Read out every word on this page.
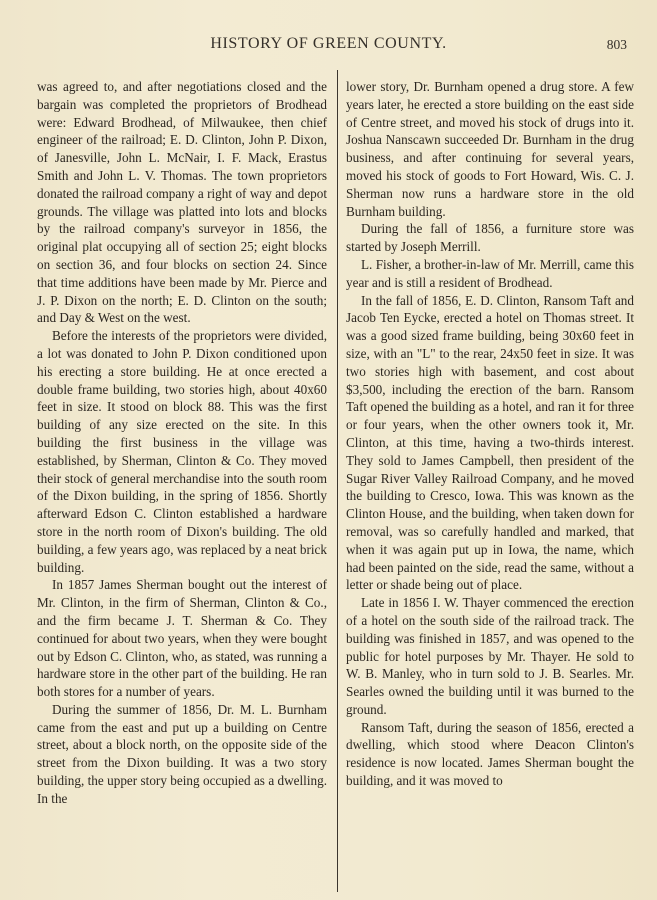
HISTORY OF GREEN COUNTY.	803

was agreed to, and after negotiations closed and the bargain was completed the proprietors of Brodhead were: Edward Brodhead, of Milwaukee, then chief engineer of the railroad; E. D. Clinton, John P. Dixon, of Janesville, John L. McNair, I. F. Mack, Erastus Smith and John L. V. Thomas. The town proprietors donated the railroad company a right of way and depot grounds. The village was platted into lots and blocks by the railroad company's surveyor in 1856, the original plat occupying all of section 25; eight blocks on section 36, and four blocks on section 24. Since that time additions have been made by Mr. Pierce and J. P. Dixon on the north; E. D. Clinton on the south; and Day & West on the west.

Before the interests of the proprietors were divided, a lot was donated to John P. Dixon conditioned upon his erecting a store building. He at once erected a double frame building, two stories high, about 40x60 feet in size. It stood on block 88. This was the first building of any size erected on the site. In this building the first business in the village was established, by Sherman, Clinton & Co. They moved their stock of general merchandise into the south room of the Dixon building, in the spring of 1856. Shortly afterward Edson C. Clinton established a hardware store in the north room of Dixon's building. The old building, a few years ago, was replaced by a neat brick building.

In 1857 James Sherman bought out the interest of Mr. Clinton, in the firm of Sherman, Clinton & Co., and the firm became J. T. Sherman & Co. They continued for about two years, when they were bought out by Edson C. Clinton, who, as stated, was running a hardware store in the other part of the building. He ran both stores for a number of years.

During the summer of 1856, Dr. M. L. Burnham came from the east and put up a building on Centre street, about a block north, on the opposite side of the street from the Dixon building. It was a two story building, the upper story being occupied as a dwelling. In the

lower story, Dr. Burnham opened a drug store. A few years later, he erected a store building on the east side of Centre street, and moved his stock of drugs into it. Joshua Nanscawn succeeded Dr. Burnham in the drug business, and after continuing for several years, moved his stock of goods to Fort Howard, Wis. C. J. Sherman now runs a hardware store in the old Burnham building.

During the fall of 1856, a furniture store was started by Joseph Merrill.

L. Fisher, a brother-in-law of Mr. Merrill, came this year and is still a resident of Brodhead.

In the fall of 1856, E. D. Clinton, Ransom Taft and Jacob Ten Eycke, erected a hotel on Thomas street. It was a good sized frame building, being 30x60 feet in size, with an "L" to the rear, 24x50 feet in size. It was two stories high with basement, and cost about $3,500, including the erection of the barn. Ransom Taft opened the building as a hotel, and ran it for three or four years, when the other owners took it, Mr. Clinton, at this time, having a two-thirds interest. They sold to James Campbell, then president of the Sugar River Valley Railroad Company, and he moved the building to Cresco, Iowa. This was known as the Clinton House, and the building, when taken down for removal, was so carefully handled and marked, that when it was again put up in Iowa, the name, which had been painted on the side, read the same, without a letter or shade being out of place.

Late in 1856 I. W. Thayer commenced the erection of a hotel on the south side of the railroad track. The building was finished in 1857, and was opened to the public for hotel purposes by Mr. Thayer. He sold to W. B. Manley, who in turn sold to J. B. Searles. Mr. Searles owned the building until it was burned to the ground.

Ransom Taft, during the season of 1856, erected a dwelling, which stood where Deacon Clinton's residence is now located. James Sherman bought the building, and it was moved to
